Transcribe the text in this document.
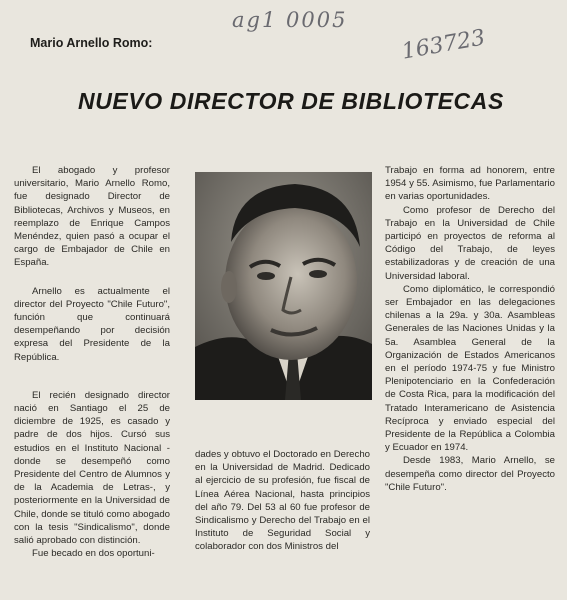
ag1 0005
163723
Mario Arnello Romo:
NUEVO DIRECTOR DE BIBLIOTECAS

El abogado y profesor universitario, Mario Arnello Romo, fue designado Director de Bibliotecas, Archivos y Museos, en reemplazo de Enrique Campos Menéndez, quien pasó a ocupar el cargo de Embajador de Chile en España.

Arnello es actualmente el director del Proyecto "Chile Futuro", función que continuará desempeñando por decisión expresa del Presidente de la República.

El recién designado director nació en Santiago el 25 de diciembre de 1925, es casado y padre de dos hijos. Cursó sus estudios en el Instituto Nacional -donde se desempeñó como Presidente del Centro de Alumnos y de la Academia de Letras-, y posteriormente en la Universidad de Chile, donde se tituló como abogado con la tesis "Sindicalismo", donde salió aprobado con distinción.

Fue becado en dos oportuni-

dades y obtuvo el Doctorado en Derecho en la Universidad de Madrid. Dedicado al ejercicio de su profesión, fue fiscal de Línea Aérea Nacional, hasta principios del año 79. Del 53 al 60 fue profesor de Sindicalismo y Derecho del Trabajo en el Instituto de Seguridad Social y colaborador con dos Ministros del

Trabajo en forma ad honorem, entre 1954 y 55. Asimismo, fue Parlamentario en varias oportunidades.

Como profesor de Derecho del Trabajo en la Universidad de Chile participó en proyectos de reforma al Código del Trabajo, de leyes estabilizadoras y de creación de una Universidad laboral.

Como diplomático, le correspondió ser Embajador en las delegaciones chilenas a la 29a. y 30a. Asambleas Generales de las Naciones Unidas y la 5a. Asamblea General de la Organización de Estados Americanos en el período 1974-75 y fue Ministro Plenipotenciario en la Confederación de Costa Rica, para la modificación del Tratado Interamericano de Asistencia Recíproca y enviado especial del Presidente de la República a Colombia y Ecuador en 1974.

Desde 1983, Mario Arnello, se desempeña como director del Proyecto "Chile Futuro".
